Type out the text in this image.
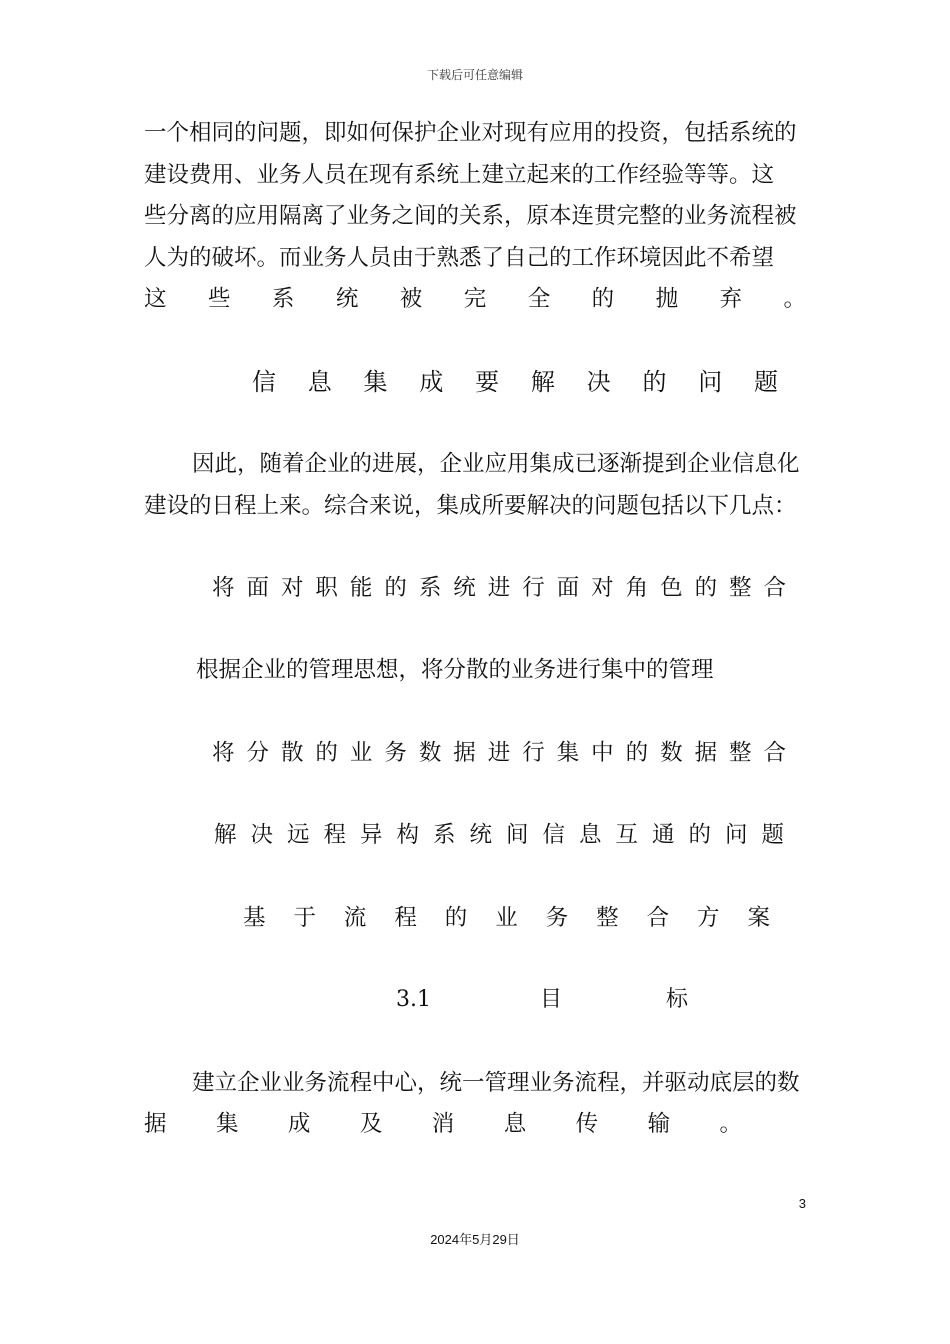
下载后可任意编辑
一个相同的问题，即如何保护企业对现有应用的投资，包括系统的
建设费用、业务人员在现有系统上建立起来的工作经验等等。这
些分离的应用隔离了业务之间的关系，原本连贯完整的业务流程被
人为的破坏。而业务人员由于熟悉了自己的工作环境因此不希望
这 些 系 统 被 完 全 的 抛 弃 。
信 息 集 成 要 解 决 的 问 题
因此，随着企业的进展，企业应用集成已逐渐提到企业信息化
建设的日程上来。综合来说，集成所要解决的问题包括以下几点：
将 面 对 职 能 的 系 统 进 行 面 对 角 色 的 整 合
根据企业的管理思想，将分散的业务进行集中的管理
将 分 散 的 业 务 数 据 进 行 集 中 的 数 据 整 合
解 决 远 程 异 构 系 统 间 信 息 互 通 的 问 题
基 于 流 程 的 业 务 整 合 方 案
3.1	目	标
建立企业业务流程中心，统一管理业务流程，并驱动底层的数
据 集 成 及 消 息 传 输 。
3
2024年5月29日
